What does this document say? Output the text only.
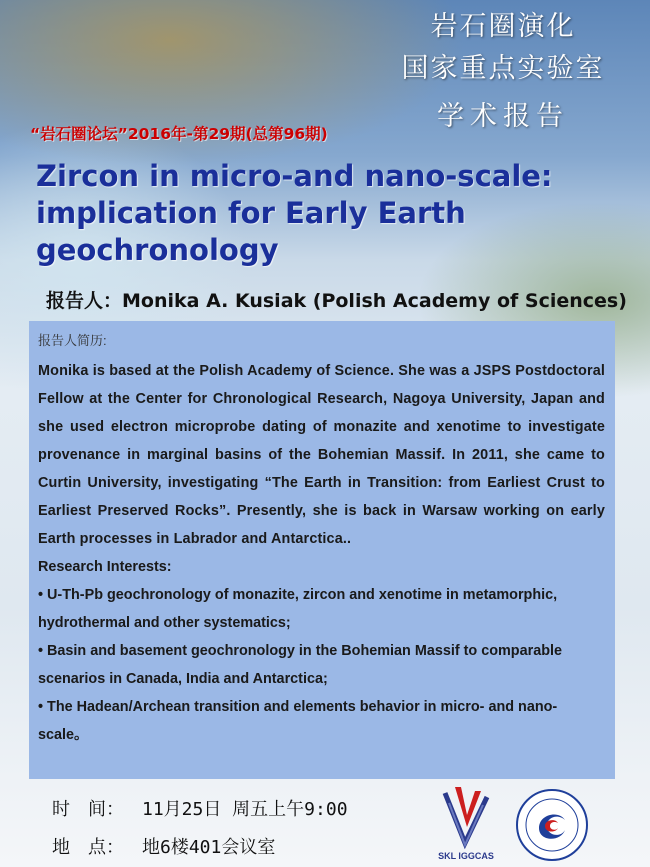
岩石圈演化
国家重点实验室
学术报告
“岩石圈论坛”2016年-第29期(总第96期)
Zircon in micro-and nano-scale: implication for Early Earth geochronology
报告人：Monika A. Kusiak (Polish Academy of Sciences)
报告人简历:
Monika is based at the Polish Academy of Science. She was a JSPS Postdoctoral Fellow at the Center for Chronological Research, Nagoya University, Japan and she used electron microprobe dating of monazite and xenotime to investigate provenance in marginal basins of the Bohemian Massif. In 2011, she came to Curtin University, investigating “The Earth in Transition: from Earliest Crust to Earliest Preserved Rocks”. Presently, she is back in Warsaw working on early Earth processes in Labrador and Antarctica..
Research Interests:
• U-Th-Pb geochronology of monazite, zircon and xenotime in metamorphic, hydrothermal and other systematics;
• Basin and basement geochronology in the Bohemian Massif to comparable scenarios in Canada, India and Antarctica;
• The Hadean/Archean transition and elements behavior in micro- and nano-scale。
时　间： 11月25日 周五上午9:00
地　点： 地6楼401会议室	SKL IGGCAS
